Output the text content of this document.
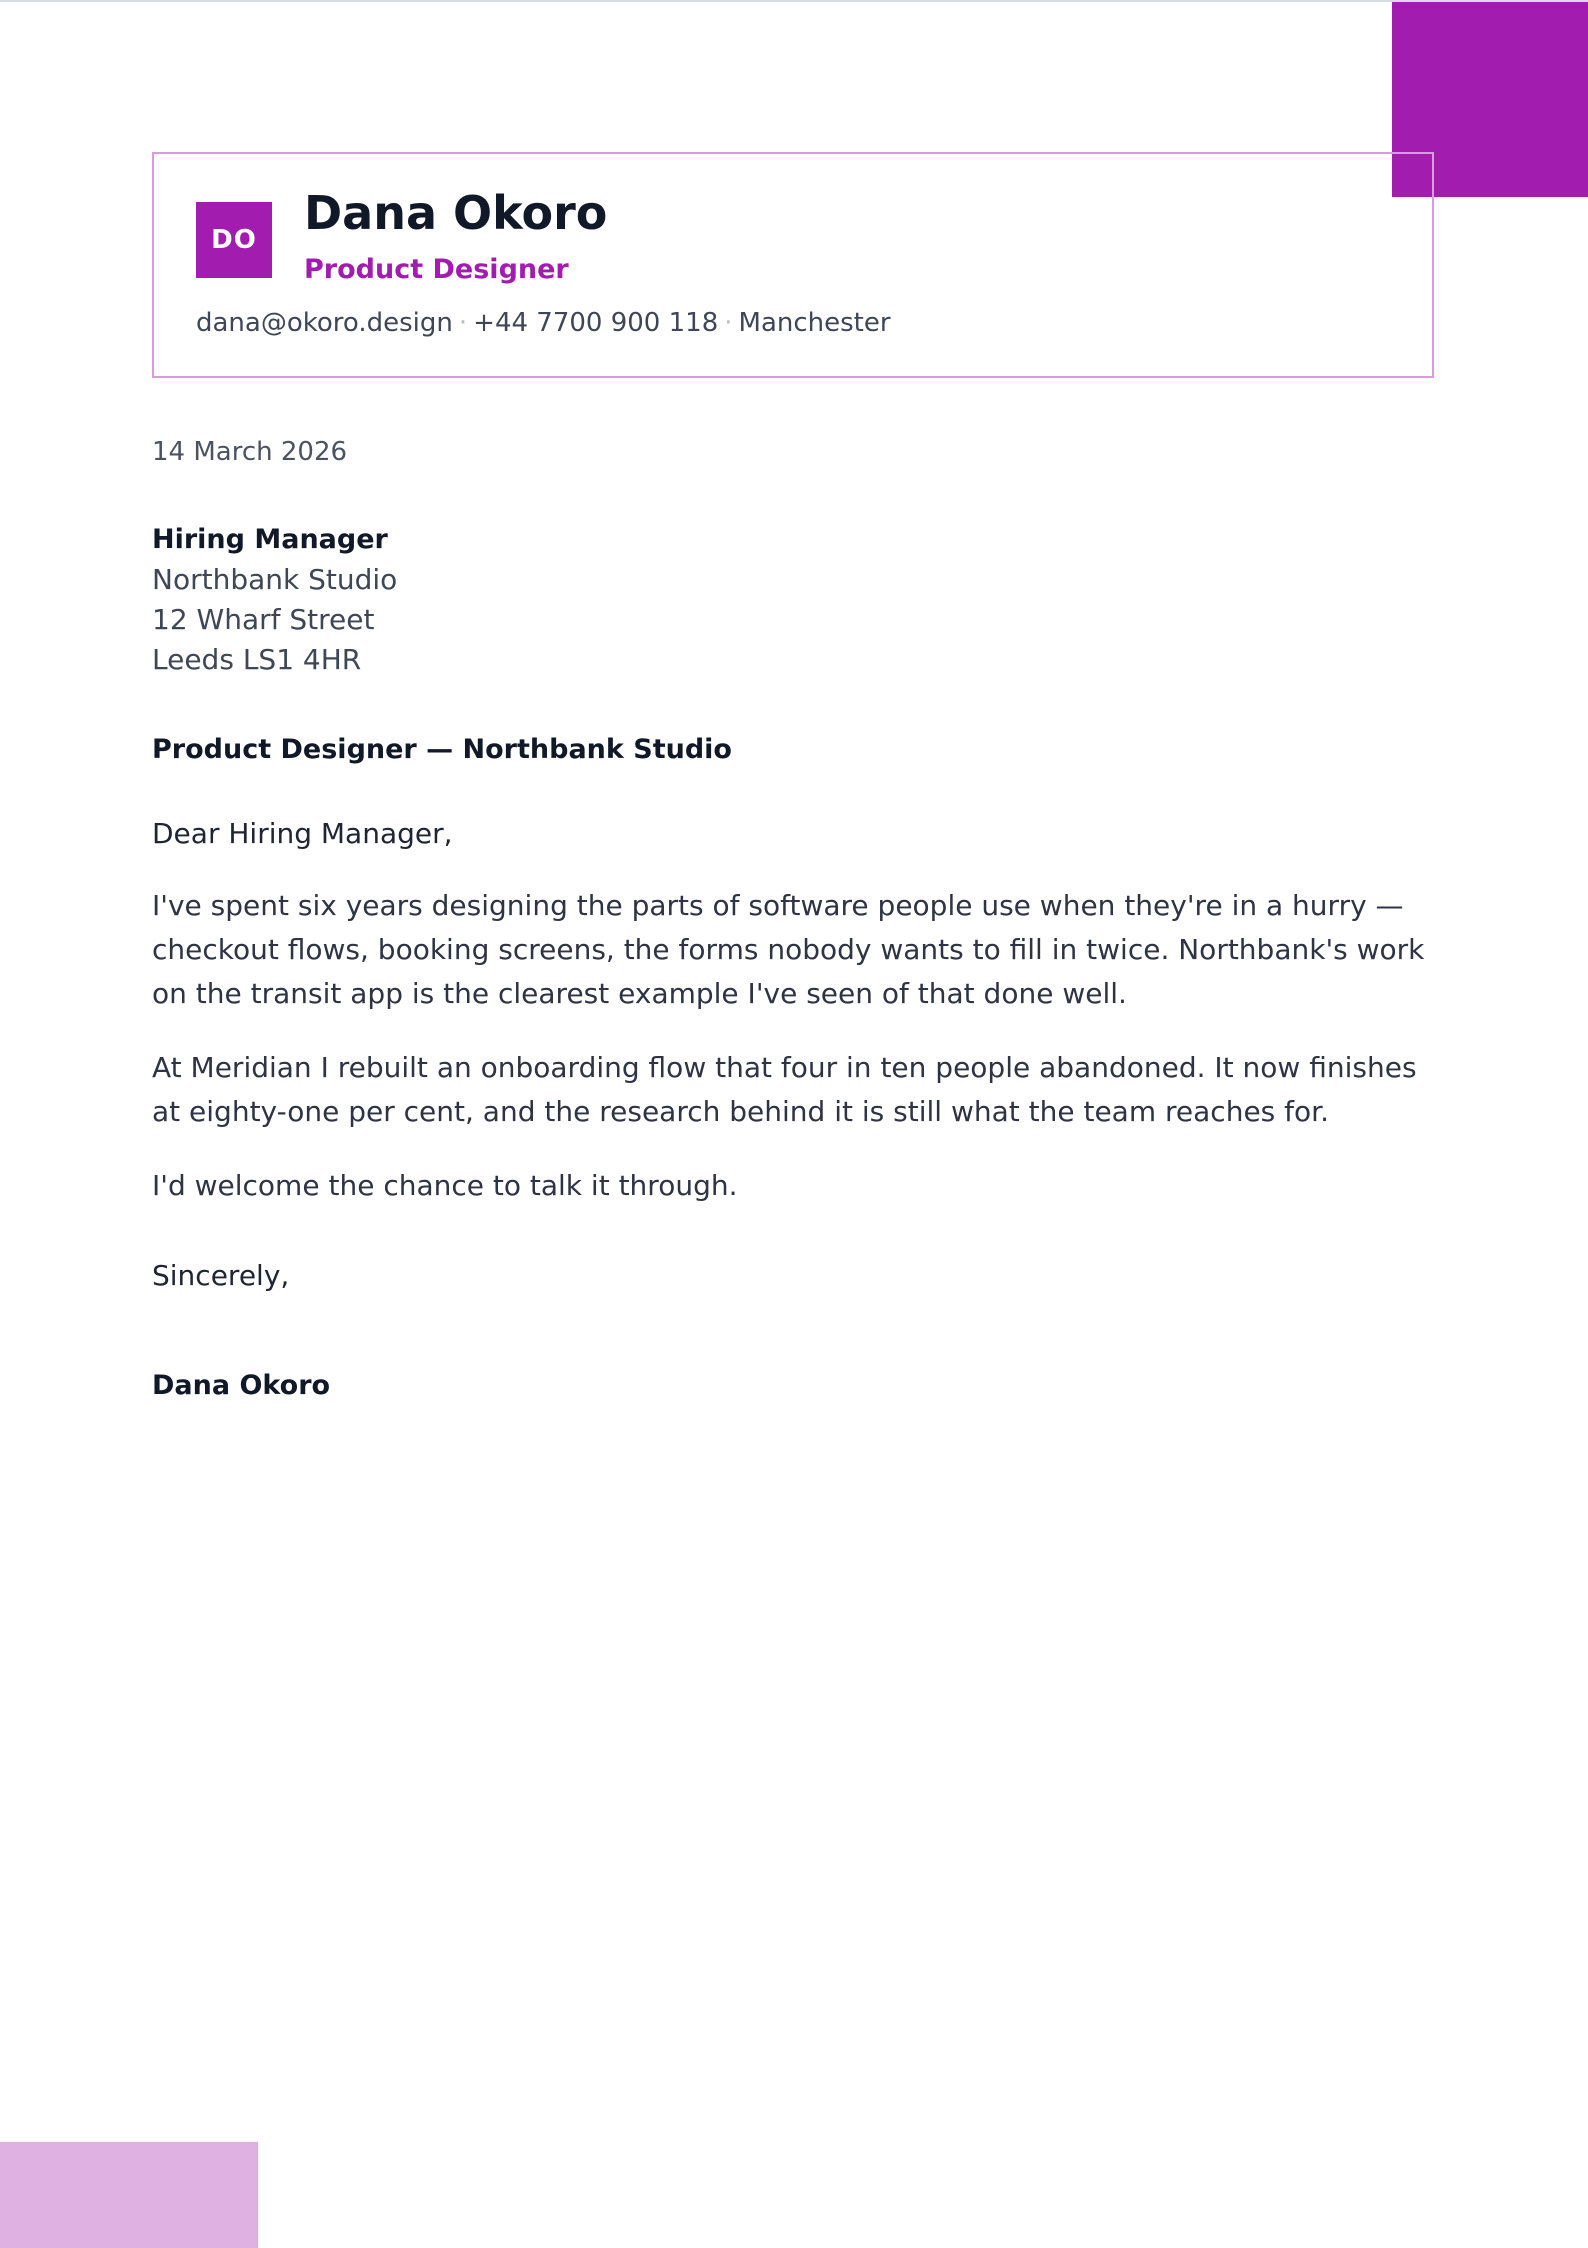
DO	Dana Okoro
Product Designer
dana@okoro.design · +44 7700 900 118 · Manchester

14 March 2026

Hiring Manager
Northbank Studio
12 Wharf Street
Leeds LS1 4HR
Product Designer — Northbank Studio
Dear Hiring Manager,

I've spent six years designing the parts of software people use when they're in a hurry — checkout flows, booking screens, the forms nobody wants to fill in twice. Northbank's work on the transit app is the clearest example I've seen of that done well.

At Meridian I rebuilt an onboarding flow that four in ten people abandoned. It now finishes at eighty-one per cent, and the research behind it is still what the team reaches for.

I'd welcome the chance to talk it through.

Sincerely,
Dana Okoro
